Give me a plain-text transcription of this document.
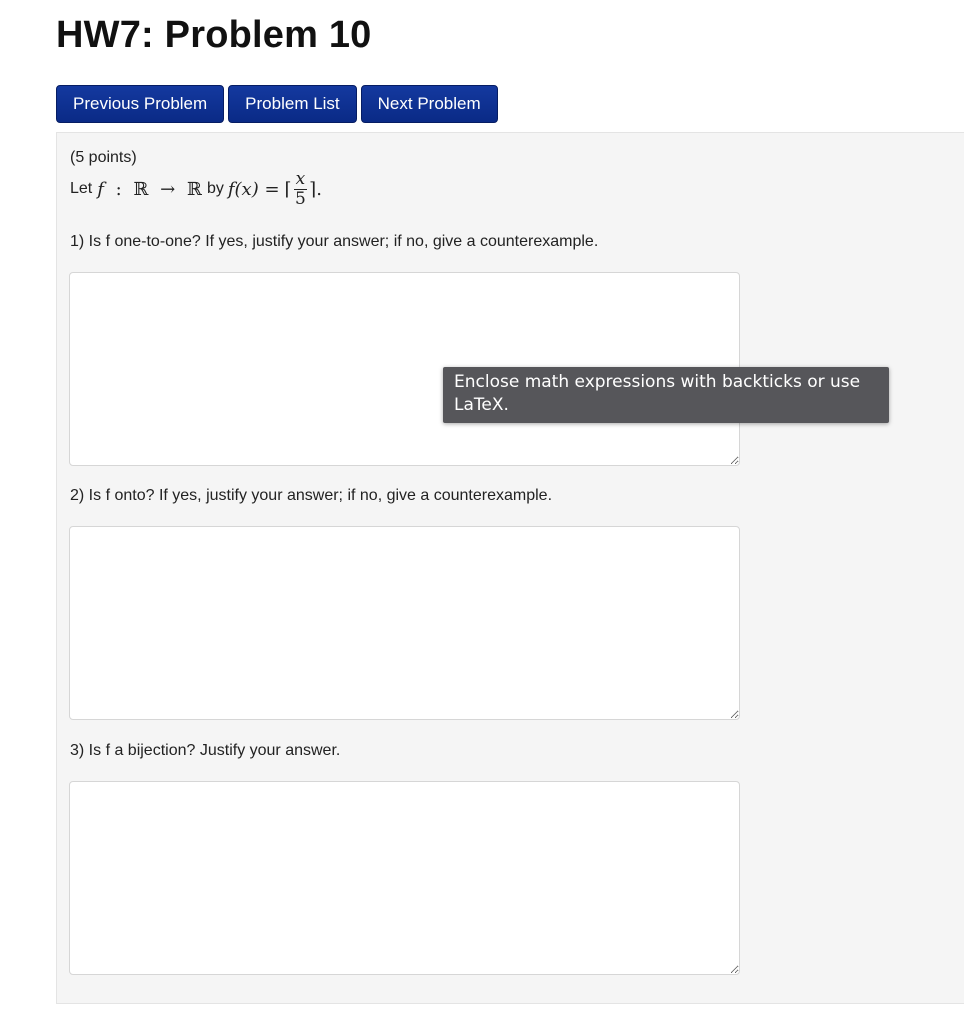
HW7: Problem 10
Previous Problem	Problem List	Next Problem
(5 points)
Let f : ℝ → ℝ by f(x) = ⌈ $\frac{x}{5}$ ⌉ .
1) Is f one-to-one? If yes, justify your answer; if no, give a counterexample.
2) Is f onto? If yes, justify your answer; if no, give a counterexample.
3) Is f a bijection? Justify your answer.
Enclose math expressions with backticks or use LaTeX.
